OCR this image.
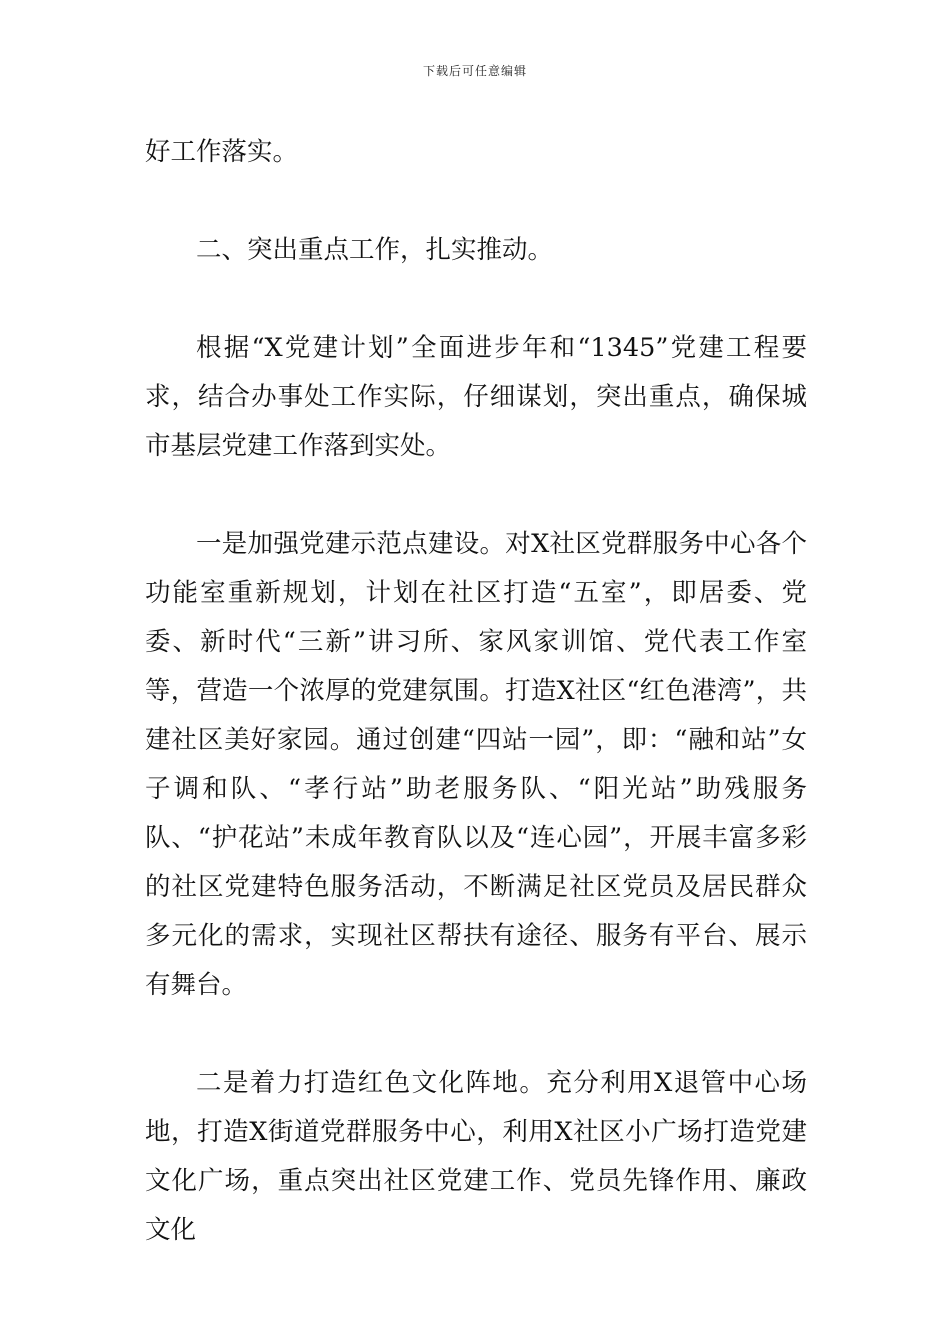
下载后可任意编辑

好工作落实。

二、突出重点工作，扎实推动。

根据“X党建计划”全面进步年和“1345”党建工程要求，结合办事处工作实际，仔细谋划，突出重点，确保城市基层党建工作落到实处。

一是加强党建示范点建设。对X社区党群服务中心各个功能室重新规划，计划在社区打造“五室”，即居委、党委、新时代“三新”讲习所、家风家训馆、党代表工作室等，营造一个浓厚的党建氛围。打造X社区“红色港湾”，共建社区美好家园。通过创建“四站一园”，即：“融和站”女子调和队、“孝行站”助老服务队、“阳光站”助残服务队、“护花站”未成年教育队以及“连心园”，开展丰富多彩的社区党建特色服务活动，不断满足社区党员及居民群众多元化的需求，实现社区帮扶有途径、服务有平台、展示有舞台。

二是着力打造红色文化阵地。充分利用X退管中心场地，打造X街道党群服务中心，利用X社区小广场打造党建文化广场，重点突出社区党建工作、党员先锋作用、廉政文化
